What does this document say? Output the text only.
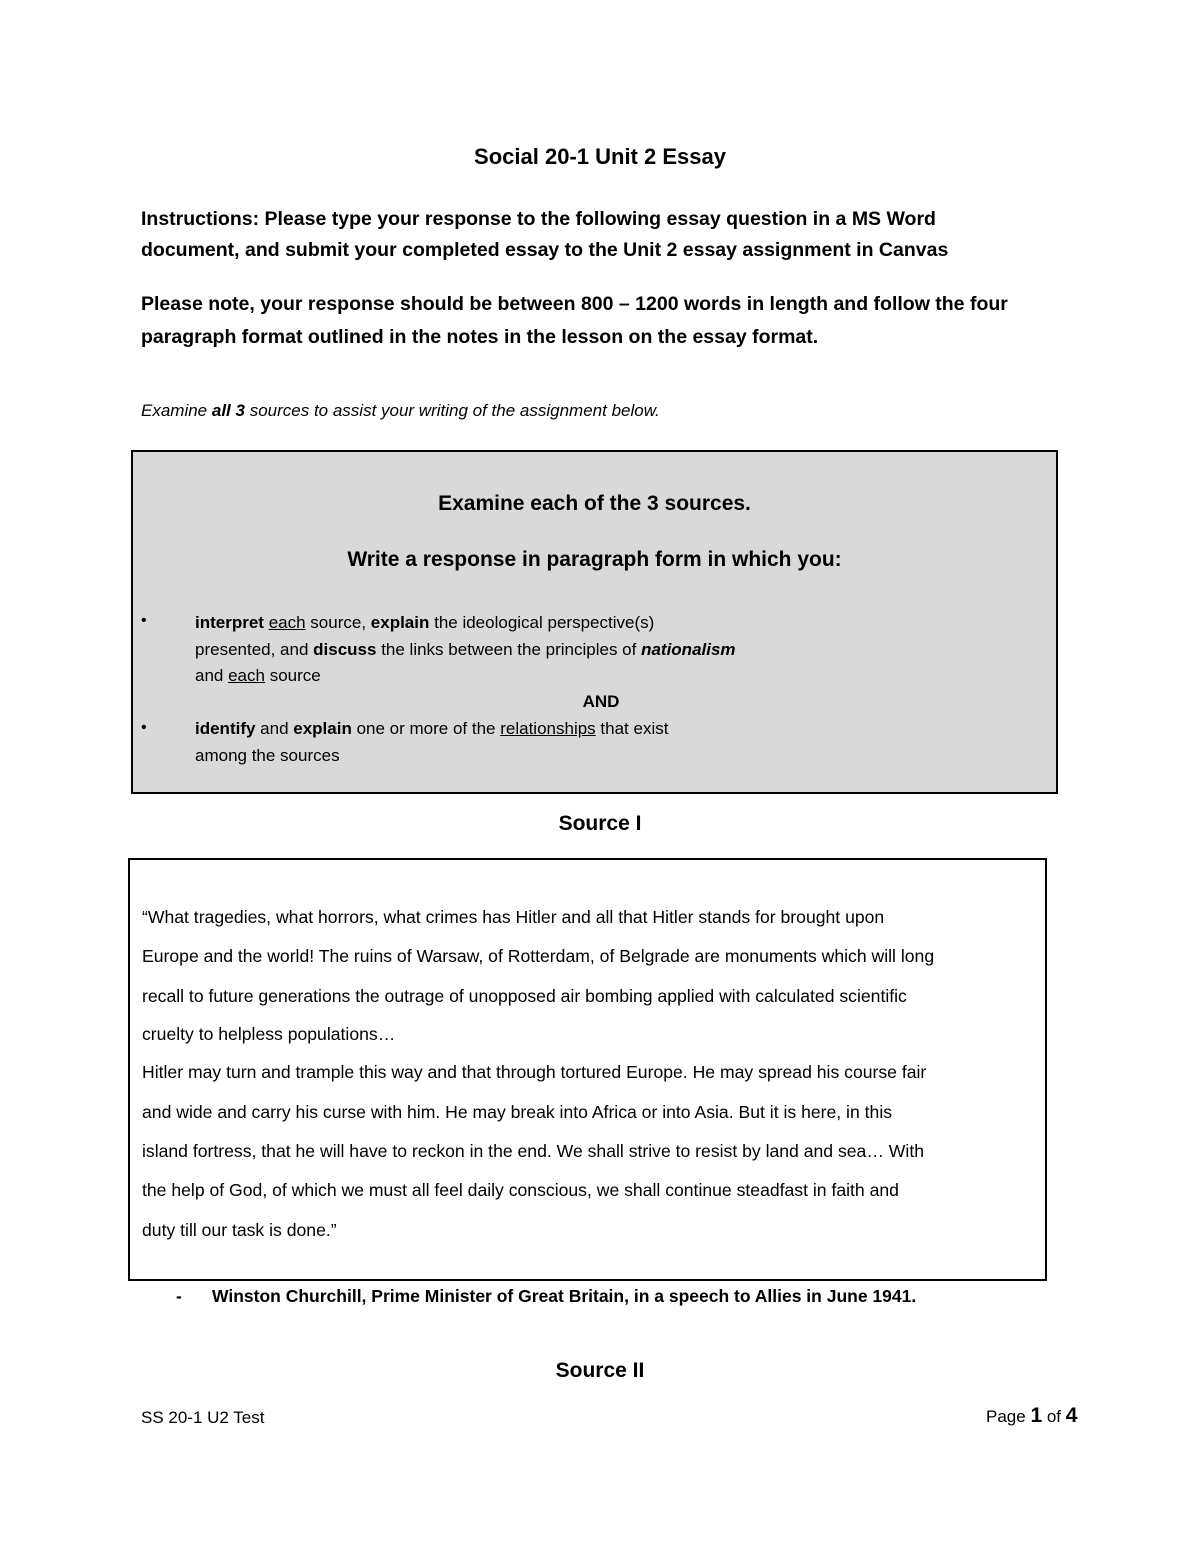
Social 20-1 Unit 2 Essay
Instructions: Please type your response to the following essay question in a MS Word
document, and submit your completed essay to the Unit 2 essay assignment in Canvas
Please note, your response should be between 800 – 1200 words in length and follow the four
paragraph format outlined in the notes in the lesson on the essay format.
Examine all 3 sources to assist your writing of the assignment below.
Examine each of the 3 sources.
Write a response in paragraph form in which you:
•	interpret each source, explain the ideological perspective(s)
presented, and discuss the links between the principles of nationalism
and each source
AND
•	identify and explain one or more of the relationships that exist
among the sources
Source I
“What tragedies, what horrors, what crimes has Hitler and all that Hitler stands for brought upon
Europe and the world! The ruins of Warsaw, of Rotterdam, of Belgrade are monuments which will long
recall to future generations the outrage of unopposed air bombing applied with calculated scientific
cruelty to helpless populations…
Hitler may turn and trample this way and that through tortured Europe. He may spread his course fair
and wide and carry his curse with him. He may break into Africa or into Asia. But it is here, in this
island fortress, that he will have to reckon in the end. We shall strive to resist by land and sea… With
the help of God, of which we must all feel daily conscious, we shall continue steadfast in faith and
duty till our task is done.”
- Winston Churchill, Prime Minister of Great Britain, in a speech to Allies in June 1941.
Source II
SS 20-1 U2 Test	Page 1 of 4
